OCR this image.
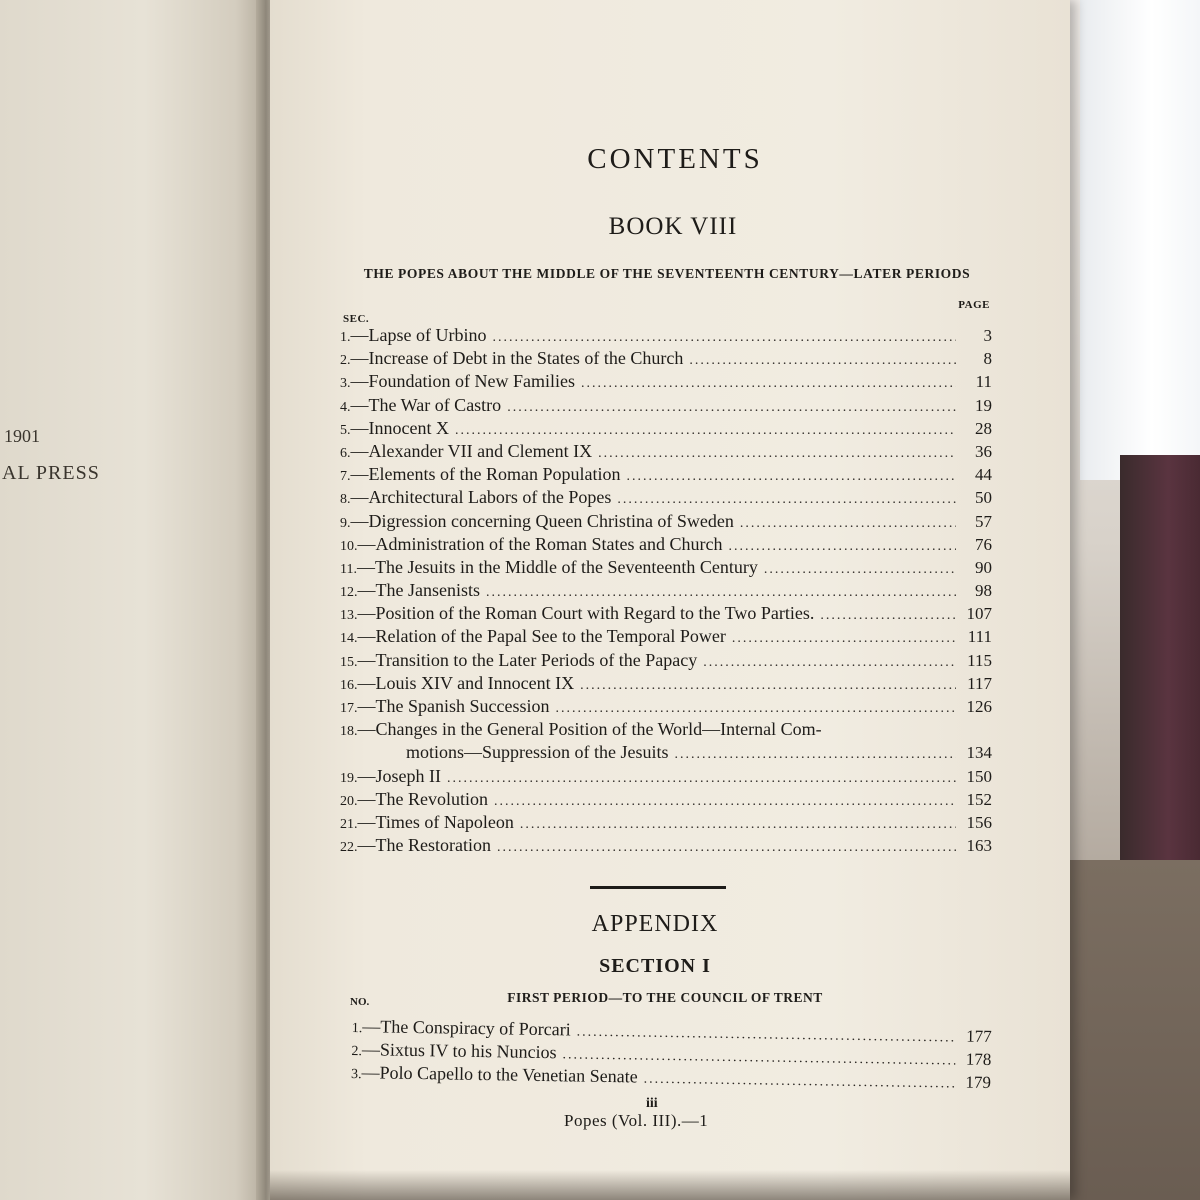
1901
AL PRESS
CONTENTS
BOOK VIII
THE POPES ABOUT THE MIDDLE OF THE SEVENTEENTH CENTURY—LATER PERIODS
PAGE
SEC.
1. —Lapse of Urbino .....	3
2. —Increase of Debt in the States of the Church .....	8
3. —Foundation of New Families .....	11
4. —The War of Castro .....	19
5. —Innocent X .....	28
6. —Alexander VII and Clement IX .....	36
7. —Elements of the Roman Population .....	44
8. —Architectural Labors of the Popes .....	50
9. —Digression concerning Queen Christina of Sweden .....	57
10. —Administration of the Roman States and Church .....	76
11. —The Jesuits in the Middle of the Seventeenth Century .....	90
12. —The Jansenists .....	98
13. —Position of the Roman Court with Regard to the Two Parties. .....	107
14. —Relation of the Papal See to the Temporal Power .....	111
15. —Transition to the Later Periods of the Papacy .....	115
16. —Louis XIV and Innocent IX .....	117
17. —The Spanish Succession .....	126
18. —Changes in the General Position of the World—Internal Com-
motions—Suppression of the Jesuits .....	134
19. —Joseph II .....	150
20. —The Revolution .....	152
21. —Times of Napoleon .....	156
22. —The Restoration .....	163
APPENDIX
SECTION I
NO.	FIRST PERIOD—TO THE COUNCIL OF TRENT
1. —The Conspiracy of Porcari .....	177
2. —Sixtus IV to his Nuncios .....	178
3. —Polo Capello to the Venetian Senate .....	179
iii
Popes (Vol. III).—1
